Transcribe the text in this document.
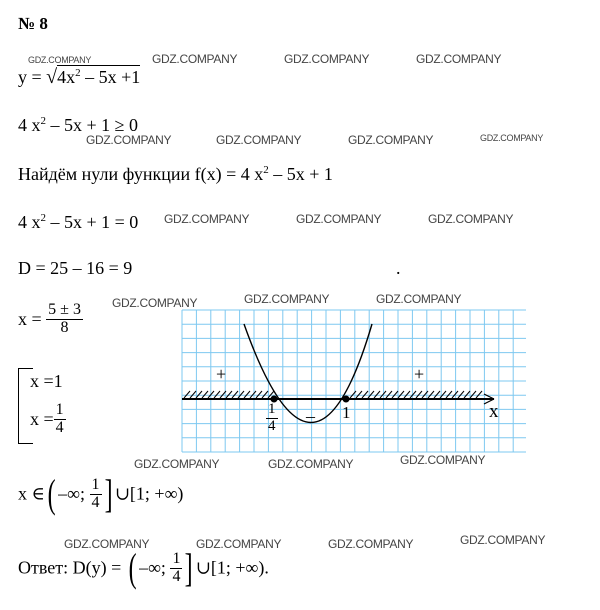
№ 8
GDZ.COMPANY	GDZ.COMPANY	GDZ.COMPANY	GDZ.COMPANY
GDZ.COMPANY	GDZ.COMPANY	GDZ.COMPANY	GDZ.COMPANY
GDZ.COMPANY	GDZ.COMPANY	GDZ.COMPANY
GDZ.COMPANY	GDZ.COMPANY	GDZ.COMPANY
GDZ.COMPANY	GDZ.COMPANY	GDZ.COMPANY
GDZ.COMPANY	GDZ.COMPANY	GDZ.COMPANY	GDZ.COMPANY
$y = √4x^2 - 5x +1$
4 $x^2 - 5x + 1 \ge 0$
Найдём нули функции f(x) = 4 $x^2 - 5x + 1$
4 $x^2 - 5x + 1 = 0$
D = 25 – 16 = 9	.
$x = \frac{5 \pm 3}{8}$
x =1
$x = \frac{1}{4}$
+	+
–
$\frac{1}{4}$	1	x
x ∈( –∞; $\frac{1}{4}$ ] ∪[1; +∞)
Ответ: D(y) = ( –∞; $\frac{1}{4}$ ] ∪[1; +∞).
